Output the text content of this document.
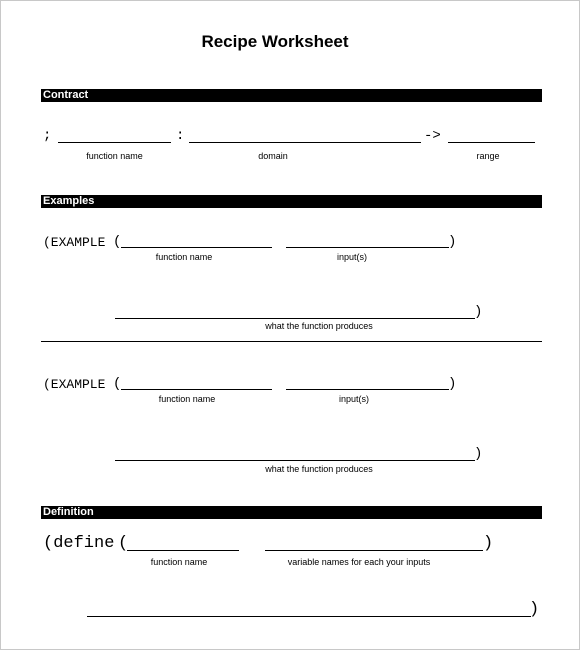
Recipe Worksheet
Contract
;	:	->
function name	domain	range
Examples
(EXAMPLE (	)
function name	input(s)
)
what the function produces
(EXAMPLE (	)
function name	input(s)
)
what the function produces
Definition
(define (	)
function name	variable names for each your inputs
)
